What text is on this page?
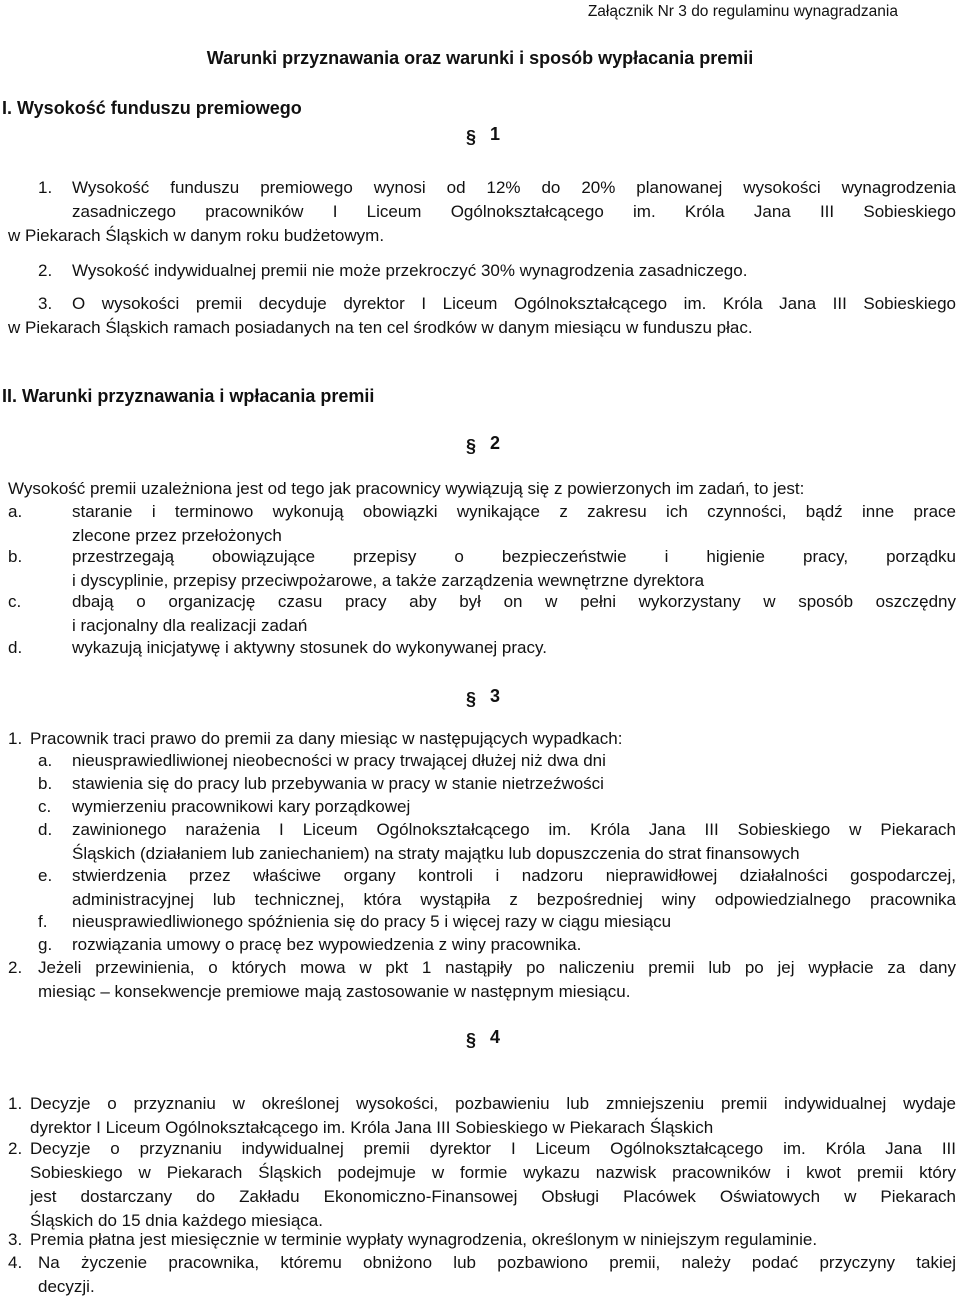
Załącznik Nr 3 do regulaminu wynagradzania
Warunki przyznawania oraz warunki i sposób wypłacania premii
I. Wysokość funduszu premiowego
§ 1
1. Wysokość funduszu premiowego wynosi od 12% do 20% planowanej wysokości wynagrodzenia
zasadniczego pracowników I Liceum Ogólnokształcącego im. Króla Jana III Sobieskiego
w Piekarach Śląskich w danym roku budżetowym.
2. Wysokość indywidualnej premii nie może przekroczyć 30% wynagrodzenia zasadniczego.
3. O wysokości premii decyduje dyrektor I Liceum Ogólnokształcącego im. Króla Jana III Sobieskiego
w Piekarach Śląskich ramach posiadanych na ten cel środków w danym miesiącu w funduszu płac.
II. Warunki przyznawania i wpłacania premii
§ 2
Wysokość premii uzależniona jest od tego jak pracownicy wywiązują się z powierzonych im zadań, to jest:
a.	staranie i terminowo wykonują obowiązki wynikające z zakresu ich czynności, bądź inne prace
zlecone przez przełożonych
b.	przestrzegają obowiązujące przepisy o bezpieczeństwie i higienie pracy, porządku
i dyscyplinie, przepisy przeciwpożarowe, a także zarządzenia wewnętrzne dyrektora
c.	dbają o organizację czasu pracy aby był on w pełni wykorzystany w sposób oszczędny
i racjonalny dla realizacji zadań
d.	wykazują inicjatywę i aktywny stosunek do wykonywanej pracy.
§ 3
1. Pracownik traci prawo do premii za dany miesiąc w następujących wypadkach:
a. nieusprawiedliwionej nieobecności w pracy trwającej dłużej niż dwa dni
b. stawienia się do pracy lub przebywania w pracy w stanie nietrzeźwości
c. wymierzeniu pracownikowi kary porządkowej
d. zawinionego narażenia I Liceum Ogólnokształcącego im. Króla Jana III Sobieskiego w Piekarach
Śląskich (działaniem lub zaniechaniem) na straty majątku lub dopuszczenia do strat finansowych
e. stwierdzenia przez właściwe organy kontroli i nadzoru nieprawidłowej działalności gospodarczej,
administracyjnej lub technicznej, która wystąpiła z bezpośredniej winy odpowiedzialnego pracownika
f. nieusprawiedliwionego spóźnienia się do pracy 5 i więcej razy w ciągu miesiącu
g. rozwiązania umowy o pracę bez wypowiedzenia z winy pracownika.
2. Jeżeli przewinienia, o których mowa w pkt 1 nastąpiły po naliczeniu premii lub po jej wypłacie za dany
miesiąc – konsekwencje premiowe mają zastosowanie w następnym miesiącu.
§ 4
1. Decyzje o przyznaniu w określonej wysokości, pozbawieniu lub zmniejszeniu premii indywidualnej wydaje
dyrektor I Liceum Ogólnokształcącego im. Króla Jana III Sobieskiego w Piekarach Śląskich
2. Decyzje o przyznaniu indywidualnej premii dyrektor I Liceum Ogólnokształcącego im. Króla Jana III
Sobieskiego w Piekarach Śląskich podejmuje w formie wykazu nazwisk pracowników i kwot premii który
jest dostarczany do Zakładu Ekonomiczno-Finansowej Obsługi Placówek Oświatowych w Piekarach
Śląskich do 15 dnia każdego miesiąca.
3. Premia płatna jest miesięcznie w terminie wypłaty wynagrodzenia, określonym w niniejszym regulaminie.
4. Na życzenie pracownika, któremu obniżono lub pozbawiono premii, należy podać przyczyny takiej
decyzji.
